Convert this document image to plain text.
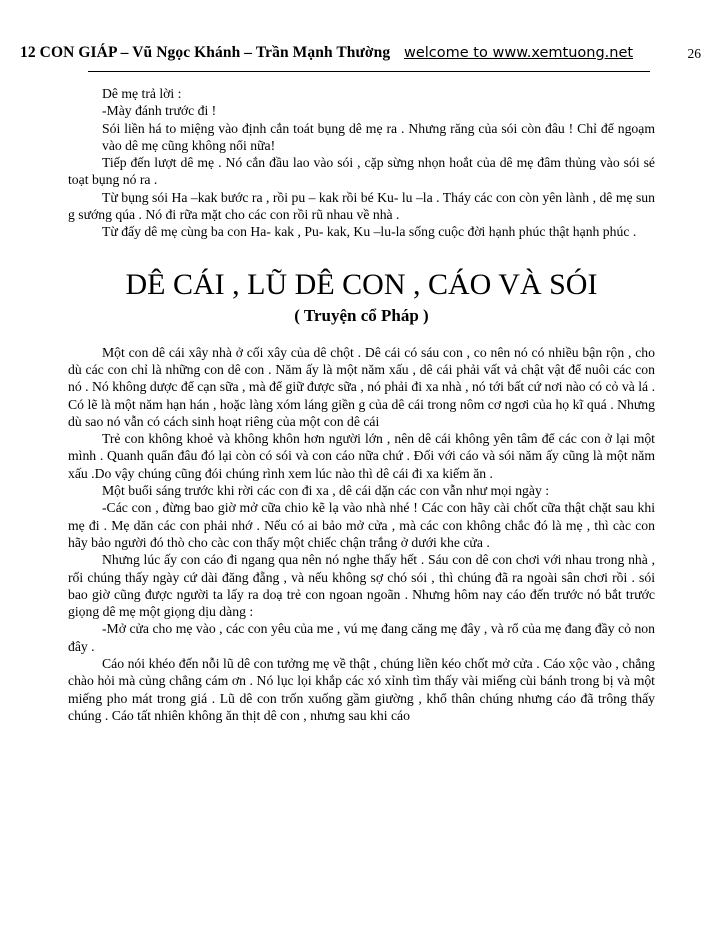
12 CON GIÁP – Vũ Ngọc Khánh – Trần Mạnh Thường welcome to www.xemtuong.net	26

Dê mẹ trả lời :

-Mày đánh trước đi !

Sói liền há to miệng vào định cắn toát bụng dê mẹ ra . Nhưng răng của sói còn đâu ! Chỉ để ngoạm vào dê mẹ cũng không nổi nữa!

Tiếp đến lượt dê mẹ . Nó cắn đầu lao vào sói , cặp sừng nhọn hoắt của dê mẹ đâm thủng vào sói sé toạt bụng nó ra .

Từ bụng sói Ha –kak bước ra , rồi pu – kak rồi bé Ku- lu –la . Tháy các con còn yên lành , dê mẹ sun g sướng qúa . Nó đi rữa mặt cho các con rồi rũ nhau về nhà .

Từ đấy dê mẹ cùng ba con Ha- kak , Pu- kak, Ku –lu-la sống cuộc đời hạnh phúc thật hạnh phúc .

DÊ CÁI , LŨ DÊ CON , CÁO VÀ SÓI
( Truyện cổ Pháp )

Một con dê cái xây nhà ở cối xây của dê chột . Dê cái có sáu con , co nên nó có nhiều bận rộn , cho dù các con chỉ là những con dê con . Năm ấy là một năm xấu , dê cái phải vất vả chật vật để nuôi các con nó . Nó không dược để cạn sữa , mà để giữ được sữa , nó phải đi xa nhà , nó tới bất cứ nơi nào có cỏ và lá . Có lẽ là một năm hạn hán , hoặc làng xóm láng giền g của dê cái trong nôm cơ ngơi của họ kĩ quá . Nhưng dù sao nó vẫn có cách sinh hoạt riêng của một con dê cái

Trẻ con không khoẻ và không khôn hơn người lớn , nên dê cái không yên tâm để các con ở lại một mình . Quanh quẩn đâu đó lại còn có sói và con cáo nữa chứ . Đối với cáo và sói năm ấy cũng là một năm xấu .Do vậy chúng cũng đói chúng rình xem lúc nào thì dê cái đi xa kiếm ăn .

Một buổi sáng trước khi rời các con đi xa , dê cái dặn các con vẫn như mọi ngày :

-Các con , đừng bao giờ mở cữa chio kẽ lạ vào nhà nhé ! Các con hãy cài chốt cữa thật chặt sau khi mẹ đi . Mẹ dăn các con phải nhớ . Nếu có ai bảo mở cửa , mà các con không chắc đó là mẹ , thì càc con hãy bảo người đó thò cho càc con thấy một chiếc chận trắng ở dưới khe cửa .

Nhưng lúc ấy con cáo đi ngang qua nên nó nghe thấy hết . Sáu con dê con chơi với nhau trong nhà , rối chúng thấy ngày cứ dài đăng đẵng , và nếu không sợ chó sói , thì chúng đã ra ngoài sân chơi rồi . sói bao giờ cũng được người ta lấy ra doạ trẻ con ngoan ngoãn . Nhưng hôm nay cáo đến trước nó bắt trước giọng dê mẹ một giọng dịu dàng :

-Mở cửa cho mẹ vào , các con yêu của me , vú mẹ đang căng mẹ đây , và rổ của mẹ đang đầy cỏ non đây .

Cáo nói khéo đến nỗi lũ dê con tưởng mẹ về thật , chúng liền kéo chốt mở cửa . Cáo xộc vào , chẳng chào hỏi mà củng chẳng cám ơn . Nó lục lọi khắp các xó xỉnh tìm thấy vài miếng cùi bánh trong bị và một miếng pho mát trong giá . Lũ dê con trốn xuống gầm giường , khổ thân chúng nhưng cáo đã trông thấy chúng . Cáo tất nhiên không ăn thịt dê con , nhưng sau khi cáo
